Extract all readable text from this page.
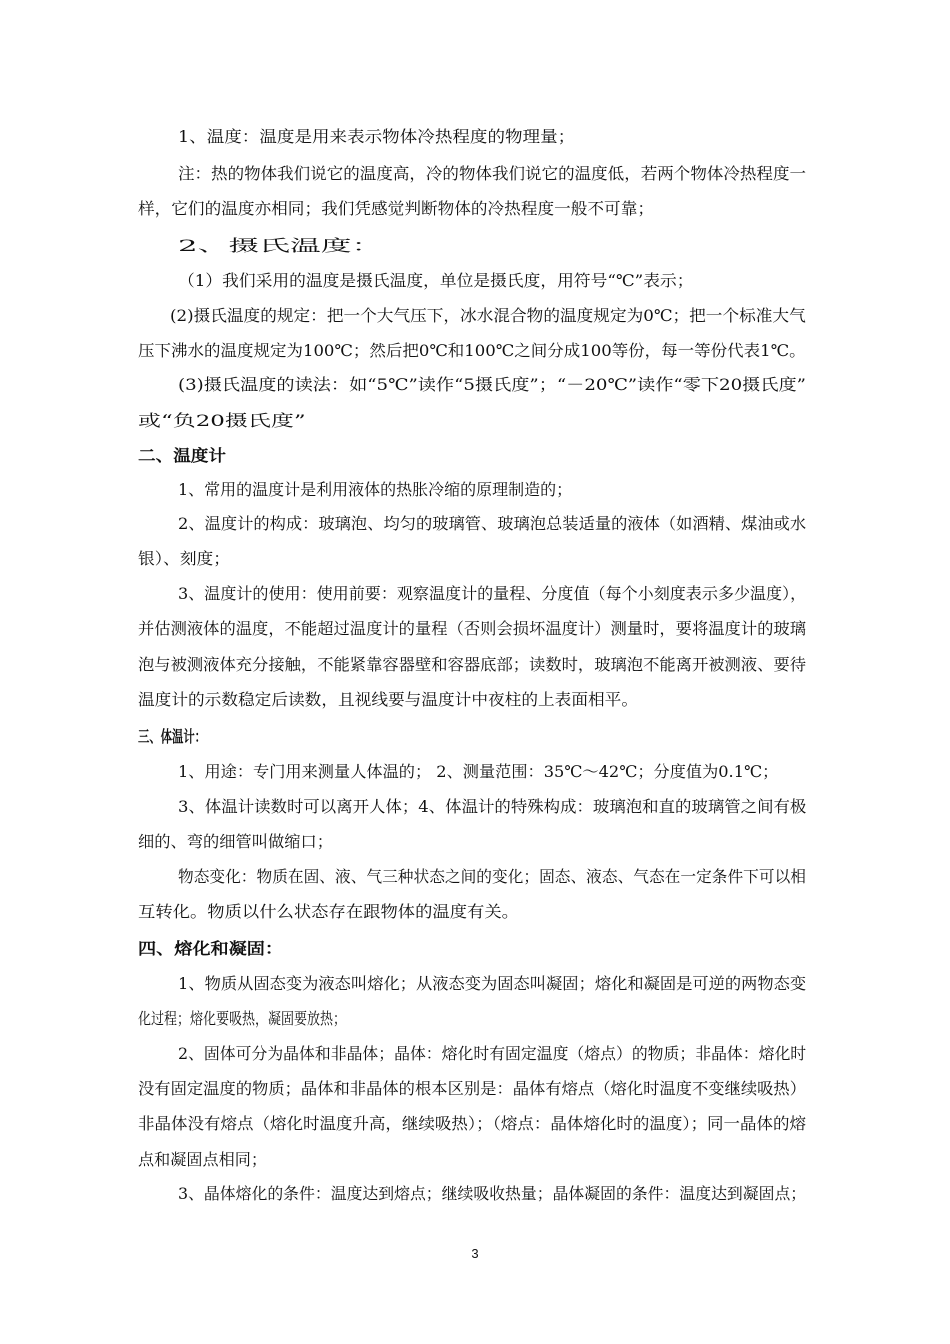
1、温度：温度是用来表示物体冷热程度的物理量；
注：热的物体我们说它的温度高，冷的物体我们说它的温度低，若两个物体冷热程度一
样，它们的温度亦相同；我们凭感觉判断物体的冷热程度一般不可靠；
2、摄氏温度：
（1）我们采用的温度是摄氏温度，单位是摄氏度，用符号“℃”表示；
(2)摄氏温度的规定：把一个大气压下，冰水混合物的温度规定为0℃；把一个标准大气
压下沸水的温度规定为100℃；然后把0℃和100℃之间分成100等份，每一等份代表1℃。
(3)摄氏温度的读法：如“5℃”读作“5摄氏度”；“－20℃”读作“零下20摄氏度”
或“负20摄氏度”
二、温度计
1、常用的温度计是利用液体的热胀冷缩的原理制造的；
2、温度计的构成：玻璃泡、均匀的玻璃管、玻璃泡总装适量的液体（如酒精、煤油或水
银）、刻度；
3、温度计的使用：使用前要：观察温度计的量程、分度值（每个小刻度表示多少温度），
并估测液体的温度，不能超过温度计的量程（否则会损坏温度计）测量时，要将温度计的玻璃
泡与被测液体充分接触，不能紧靠容器壁和容器底部；读数时，玻璃泡不能离开被测液、要待
温度计的示数稳定后读数，且视线要与温度计中夜柱的上表面相平。
三、体温计：
1、用途：专门用来测量人体温的； 2、测量范围：35℃～42℃；分度值为0.1℃；
3、体温计读数时可以离开人体；4、体温计的特殊构成：玻璃泡和直的玻璃管之间有极
细的、弯的细管叫做缩口；
物态变化：物质在固、液、气三种状态之间的变化；固态、液态、气态在一定条件下可以相
互转化。物质以什么状态存在跟物体的温度有关。
四、熔化和凝固：
1、物质从固态变为液态叫熔化；从液态变为固态叫凝固；熔化和凝固是可逆的两物态变
化过程；熔化要吸热，凝固要放热；
2、固体可分为晶体和非晶体；晶体：熔化时有固定温度（熔点）的物质；非晶体：熔化时
没有固定温度的物质；晶体和非晶体的根本区别是：晶体有熔点（熔化时温度不变继续吸热）
非晶体没有熔点（熔化时温度升高，继续吸热）；（熔点：晶体熔化时的温度）；同一晶体的熔
点和凝固点相同；
3、晶体熔化的条件：温度达到熔点；继续吸收热量；晶体凝固的条件：温度达到凝固点；
3
